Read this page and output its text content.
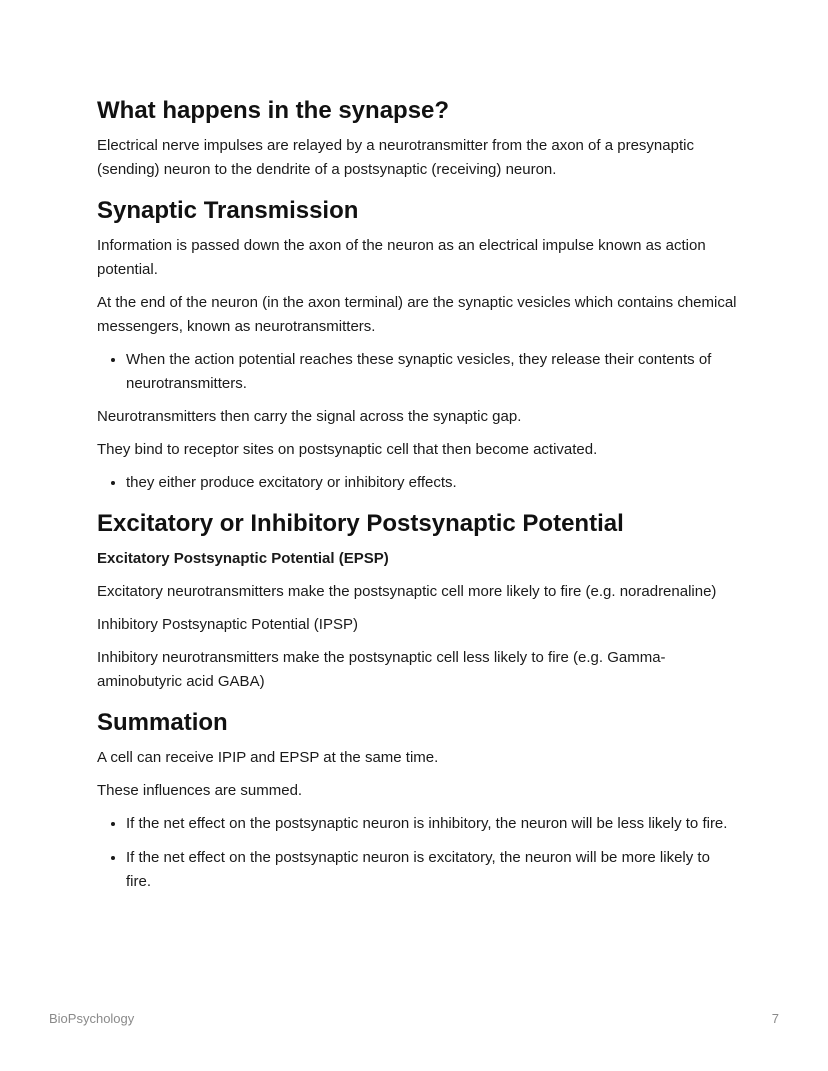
What happens in the synapse?

Electrical nerve impulses are relayed by a neurotransmitter from the axon of a presynaptic (sending) neuron to the dendrite of a postsynaptic (receiving) neuron.

Synaptic Transmission

Information is passed down the axon of the neuron as an electrical impulse known as action potential.

At the end of the neuron (in the axon terminal) are the synaptic vesicles which contains chemical messengers, known as neurotransmitters.

• When the action potential reaches these synaptic vesicles, they release their contents of neurotransmitters.

Neurotransmitters then carry the signal across the synaptic gap.

They bind to receptor sites on postsynaptic cell that then become activated.

• they either produce excitatory or inhibitory effects.
Excitatory or Inhibitory Postsynaptic Potential

Excitatory Postsynaptic Potential (EPSP)

Excitatory neurotransmitters make the postsynaptic cell more likely to fire (e.g. noradrenaline)

Inhibitory Postsynaptic Potential (IPSP)

Inhibitory neurotransmitters make the postsynaptic cell less likely to fire (e.g. Gamma-aminobutyric acid GABA)

Summation

A cell can receive IPIP and EPSP at the same time.

These influences are summed.

• If the net effect on the postsynaptic neuron is inhibitory, the neuron will be less likely to fire.
• If the net effect on the postsynaptic neuron is excitatory, the neuron will be more likely to fire.
BioPsychology	7
